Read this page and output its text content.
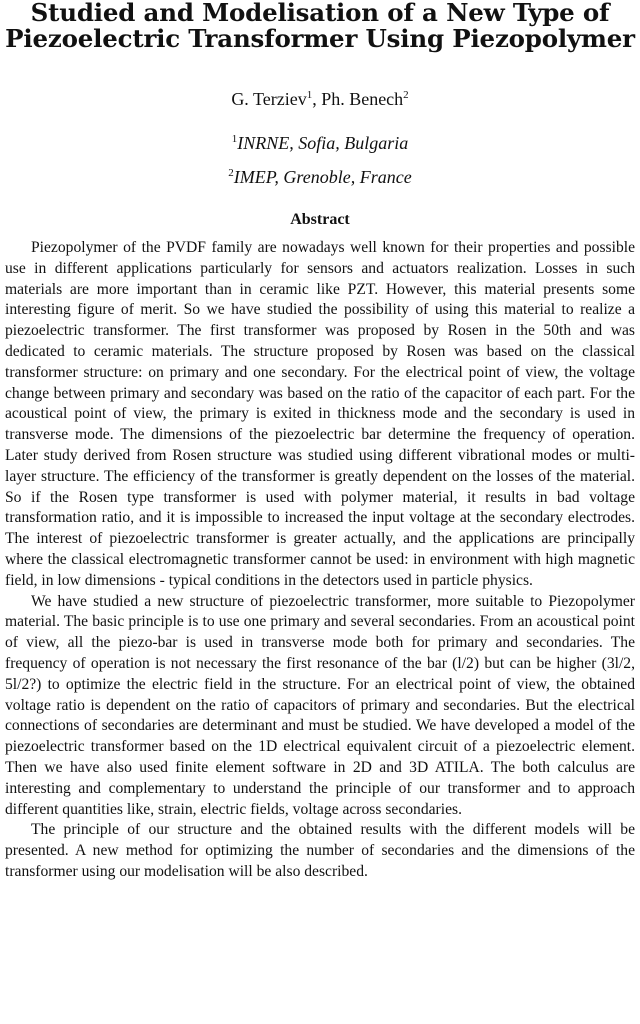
Studied and Modelisation of a New Type of
Piezoelectric Transformer Using Piezopolymer
G. Terziev$^1$, Ph. Benech$^2$
$^1$INRNE, Sofia, Bulgaria
$^2$IMEP, Grenoble, France
Abstract

Piezopolymer of the PVDF family are nowadays well known for their properties and possible use in different applications particularly for sensors and actuators realization. Losses in such materials are more important than in ceramic like PZT. However, this material presents some interesting figure of merit. So we have studied the possibility of using this material to realize a piezoelectric transformer. The first transformer was proposed by Rosen in the 50th and was dedicated to ceramic materials. The structure proposed by Rosen was based on the classical transformer structure: on primary and one secondary. For the electrical point of view, the voltage change between primary and secondary was based on the ratio of the capacitor of each part. For the acoustical point of view, the primary is exited in thickness mode and the secondary is used in transverse mode. The dimensions of the piezoelectric bar determine the frequency of operation. Later study derived from Rosen structure was studied using different vibrational modes or multi-layer structure. The efficiency of the transformer is greatly dependent on the losses of the material. So if the Rosen type transformer is used with polymer material, it results in bad voltage transformation ratio, and it is impossible to increased the input voltage at the secondary electrodes. The interest of piezoelectric transformer is greater actually, and the applications are principally where the classical electromagnetic transformer cannot be used: in environment with high magnetic field, in low dimensions - typical conditions in the detectors used in particle physics.

We have studied a new structure of piezoelectric transformer, more suitable to Piezopolymer material. The basic principle is to use one primary and several secondaries. From an acoustical point of view, all the piezo-bar is used in transverse mode both for primary and secondaries. The frequency of operation is not necessary the first resonance of the bar (l/2) but can be higher (3l/2, 5l/2?) to optimize the electric field in the structure. For an electrical point of view, the obtained voltage ratio is dependent on the ratio of capacitors of primary and secondaries. But the electrical connections of secondaries are determinant and must be studied. We have developed a model of the piezoelectric transformer based on the 1D electrical equivalent circuit of a piezoelectric element. Then we have also used finite element software in 2D and 3D ATILA. The both calculus are interesting and complementary to understand the principle of our transformer and to approach different quantities like, strain, electric fields, voltage across secondaries.

The principle of our structure and the obtained results with the different models will be presented. A new method for optimizing the number of secondaries and the dimensions of the transformer using our modelisation will be also described.
